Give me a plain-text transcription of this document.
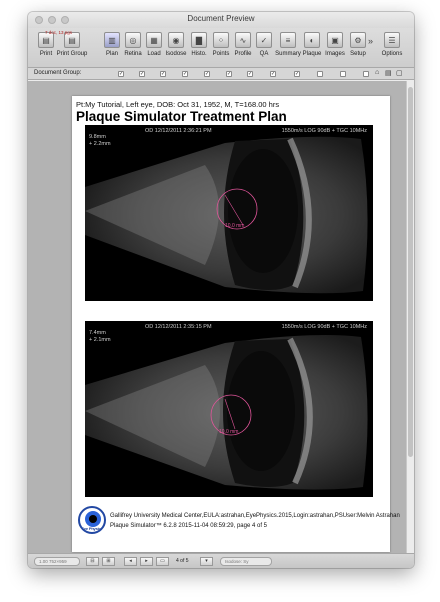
Document Preview
▤
Print
▤
Print Group
7 doc, 13 pgs
▥
Plan
◎
Retina
▦
Load
◉
Isodose
▇
Histo.
⁘
Points
∿
Profile
✓
QA
≡
Summary
◐
Plaque
▣
Images
⚙
Setup
»	☰
Options
Document Group:	✓	✓	✓	✓	✓	✓	✓	✓	✓	⌂ ▤ ▢
Pt:My Tutorial, Left eye, DOB: Oct 31, 1952, M, T=168.00 hrs
Plaque Simulator Treatment Plan
OD 12/12/2011 2:36:21 PM	1550m/s LOG 90dB + TGC 10MHz
9.8mm
+ 2.2mm
10.0 mm
OD 12/12/2011 2:35:15 PM	1550m/s LOG 90dB + TGC 10MHz
7.4mm
+ 2.1mm
10.0 mm
Eye Physics
Gallifrey University Medical Center,EULA:astrahan,EyePhysics.2015,Login:astrahan,PSUser:Melvin Astrahan
Plaque Simulator™ 6.2.8 2015-11-04 08:59:29, page 4 of 5
1.00 752×959	⊟	⊞	◂	▸	▭	4 of 5	▾	Isodose: Sy
